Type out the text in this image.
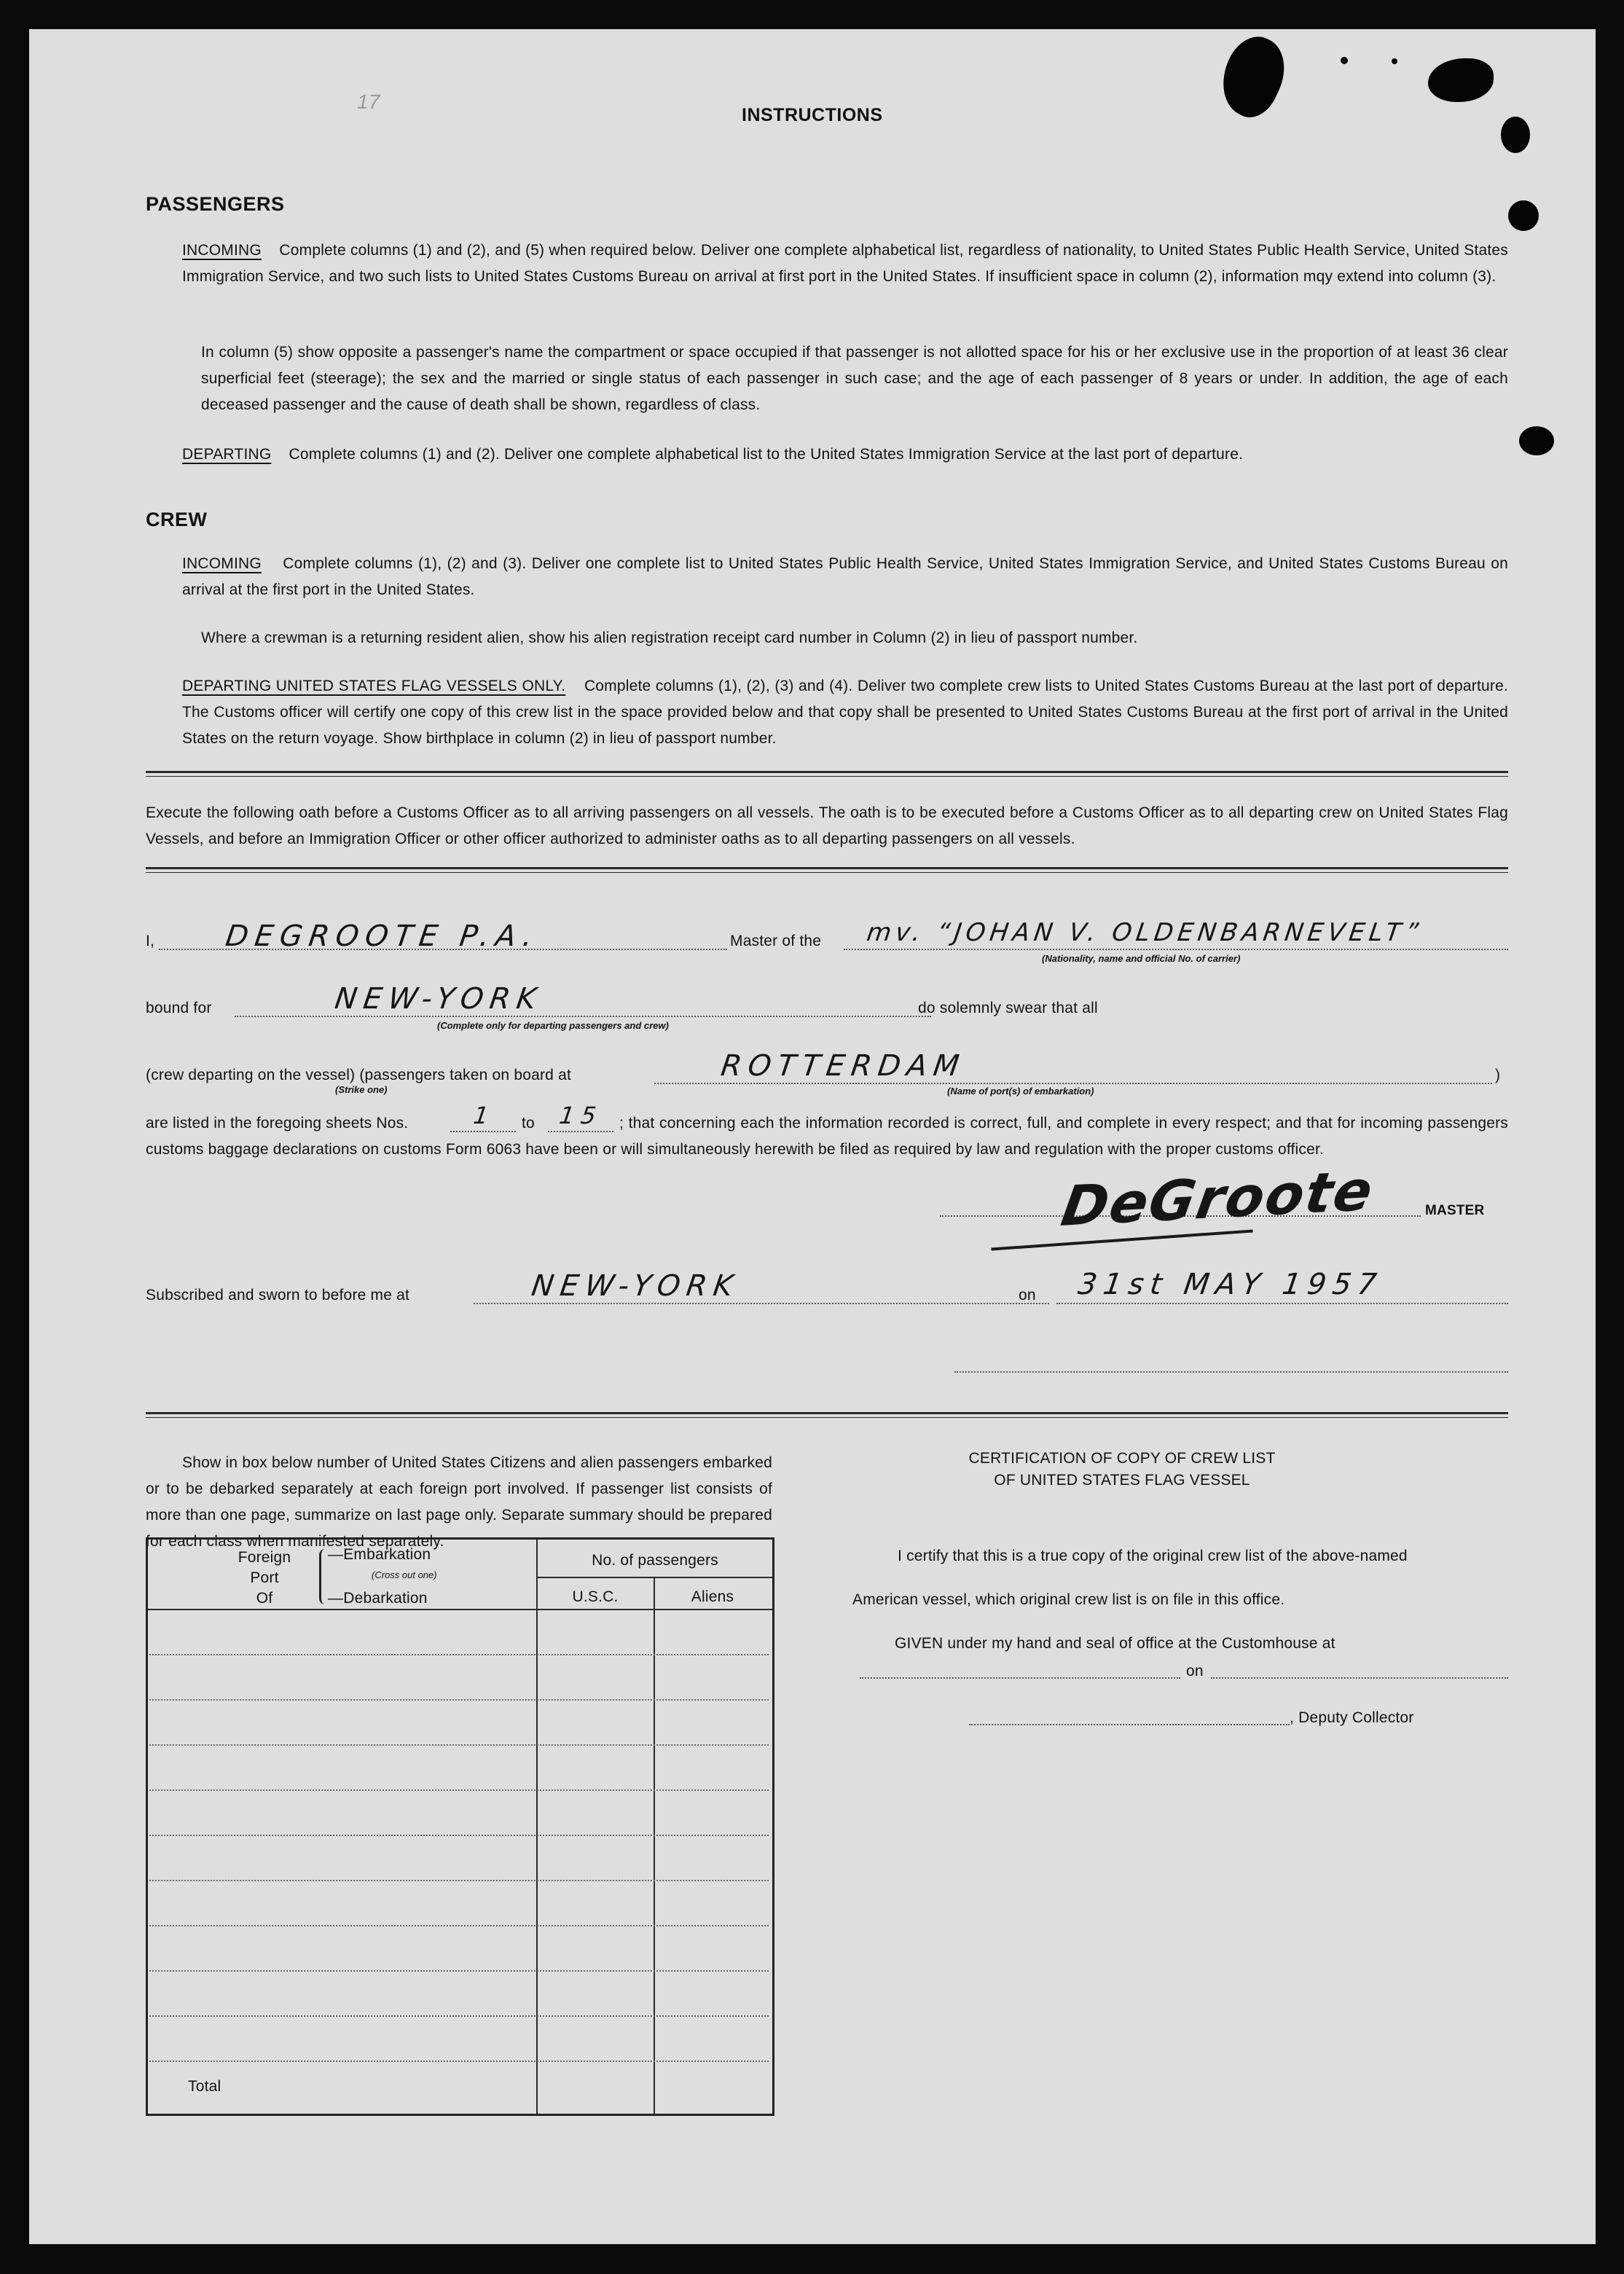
17
INSTRUCTIONS
PASSENGERS
INCOMING Complete columns (1) and (2), and (5) when required below. Deliver one complete alphabetical list, regardless of nationality, to United States Public Health Service, United States Immigration Service, and two such lists to United States Customs Bureau on arrival at first port in the United States. If insufficient space in column (2), information mqy extend into column (3).
In column (5) show opposite a passenger's name the compartment or space occupied if that passenger is not allotted space for his or her exclusive use in the proportion of at least 36 clear superficial feet (steerage); the sex and the married or single status of each passenger in such case; and the age of each passenger of 8 years or under. In addition, the age of each deceased passenger and the cause of death shall be shown, regardless of class.
DEPARTING Complete columns (1) and (2). Deliver one complete alphabetical list to the United States Immigration Service at the last port of departure.
CREW
INCOMING Complete columns (1), (2) and (3). Deliver one complete list to United States Public Health Service, United States Immigration Service, and United States Customs Bureau on arrival at the first port in the United States.
Where a crewman is a returning resident alien, show his alien registration receipt card number in Column (2) in lieu of passport number.
DEPARTING UNITED STATES FLAG VESSELS ONLY. Complete columns (1), (2), (3) and (4). Deliver two complete crew lists to United States Customs Bureau at the last port of departure. The Customs officer will certify one copy of this crew list in the space provided below and that copy shall be presented to United States Customs Bureau at the first port of arrival in the United States on the return voyage. Show birthplace in column (2) in lieu of passport number.
Execute the following oath before a Customs Officer as to all arriving passengers on all vessels. The oath is to be executed before a Customs Officer as to all departing crew on United States Flag Vessels, and before an Immigration Officer or other officer authorized to administer oaths as to all departing passengers on all vessels.
I, DEGROOTE P.A.	Master of the mv. “JOHAN V. OLDENBARNEVELT”
(Nationality, name and official No. of carrier)
bound for	NEW-YORK
(Complete only for departing passengers and crew)
do solemnly swear that all
(crew departing on the vessel) (passengers taken on board at
(Strike one)
ROTTERDAM
(Name of port(s) of embarkation)
)
are listed in the foregoing sheets Nos.	1 to 15 ; that concerning each the information recorded is correct, full, and complete in every respect; and that for incoming passengers customs baggage declarations on customs Form 6063 have been or will simultaneously herewith be filed as required by law and regulation with the proper customs officer.
DeGroote	MASTER
Subscribed and sworn to before me at	NEW-YORK	on 31st MAY 1957
Show in box below number of United States Citizens and alien passengers embarked or to be debarked separately at each foreign port involved. If passenger list consists of more than one page, summarize on last page only. Separate summary should be prepared for each class when manifested separately.
Foreign
Port
Of
—Embarkation
(Cross out one)
—Debarkation
No. of passengers
U.S.C.	Aliens
Total
CERTIFICATION OF COPY OF CREW LIST
OF UNITED STATES FLAG VESSEL
I certify that this is a true copy of the original crew list of the above-named
American vessel, which original crew list is on file in this office.
GIVEN under my hand and seal of office at the Customhouse at
on
, Deputy Collector
